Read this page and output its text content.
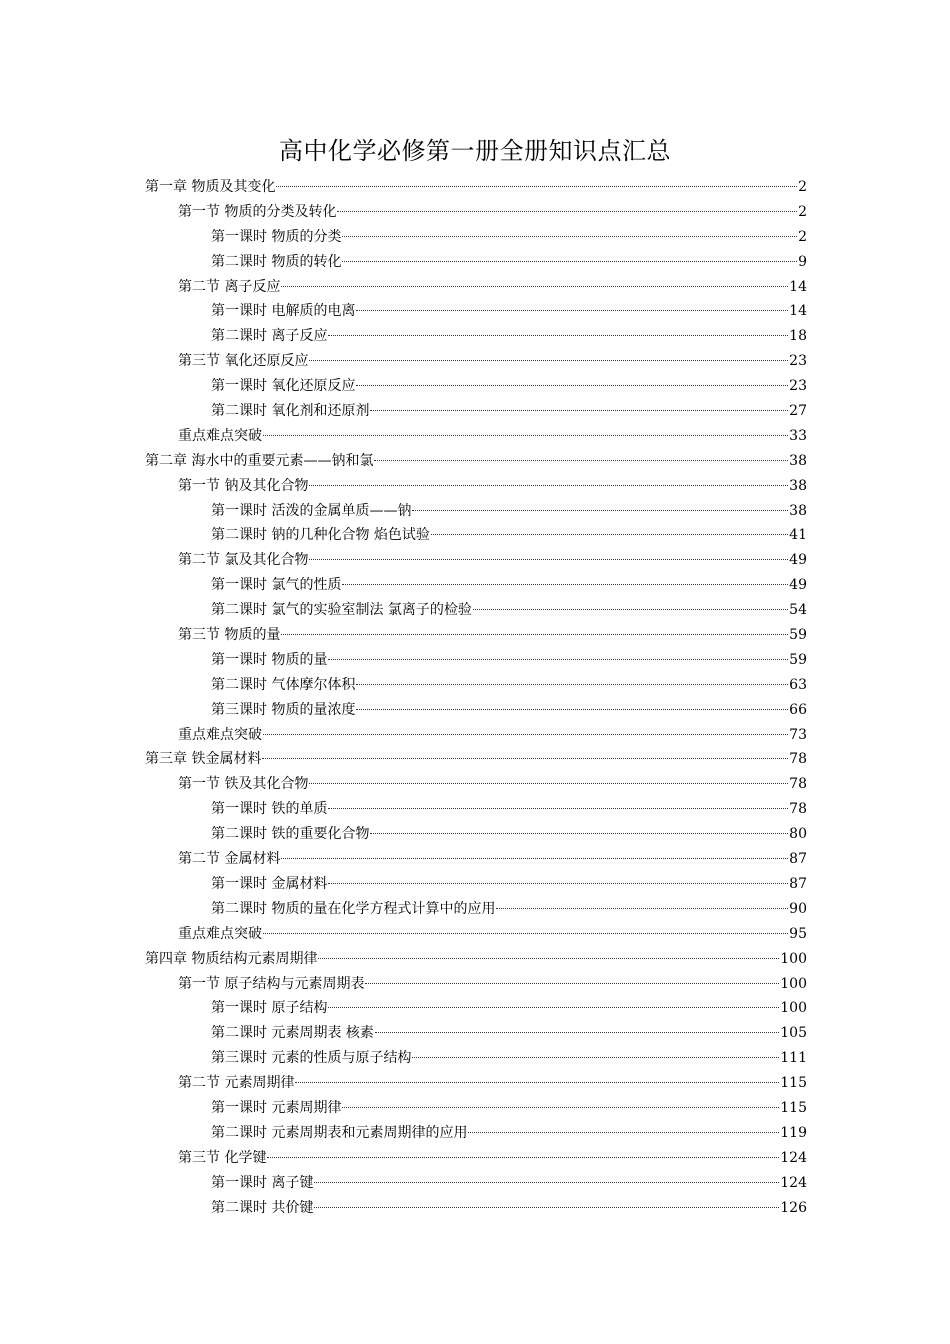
高中化学必修第一册全册知识点汇总
第一章 物质及其变化	2
第一节 物质的分类及转化	2
第一课时 物质的分类	2
第二课时 物质的转化	9
第二节 离子反应	14
第一课时 电解质的电离	14
第二课时 离子反应	18
第三节 氧化还原反应	23
第一课时 氧化还原反应	23
第二课时 氧化剂和还原剂	27
重点难点突破	33
第二章 海水中的重要元素——钠和氯	38
第一节 钠及其化合物	38
第一课时 活泼的金属单质——钠	38
第二课时 钠的几种化合物 焰色试验	41
第二节 氯及其化合物	49
第一课时 氯气的性质	49
第二课时 氯气的实验室制法 氯离子的检验	54
第三节 物质的量	59
第一课时 物质的量	59
第二课时 气体摩尔体积	63
第三课时 物质的量浓度	66
重点难点突破	73
第三章 铁金属材料	78
第一节 铁及其化合物	78
第一课时 铁的单质	78
第二课时 铁的重要化合物	80
第二节 金属材料	87
第一课时 金属材料	87
第二课时 物质的量在化学方程式计算中的应用	90
重点难点突破	95
第四章 物质结构元素周期律	100
第一节 原子结构与元素周期表	100
第一课时 原子结构	100
第二课时 元素周期表 核素	105
第三课时 元素的性质与原子结构	111
第二节 元素周期律	115
第一课时 元素周期律	115
第二课时 元素周期表和元素周期律的应用	119
第三节 化学键	124
第一课时 离子键	124
第二课时 共价键	126
